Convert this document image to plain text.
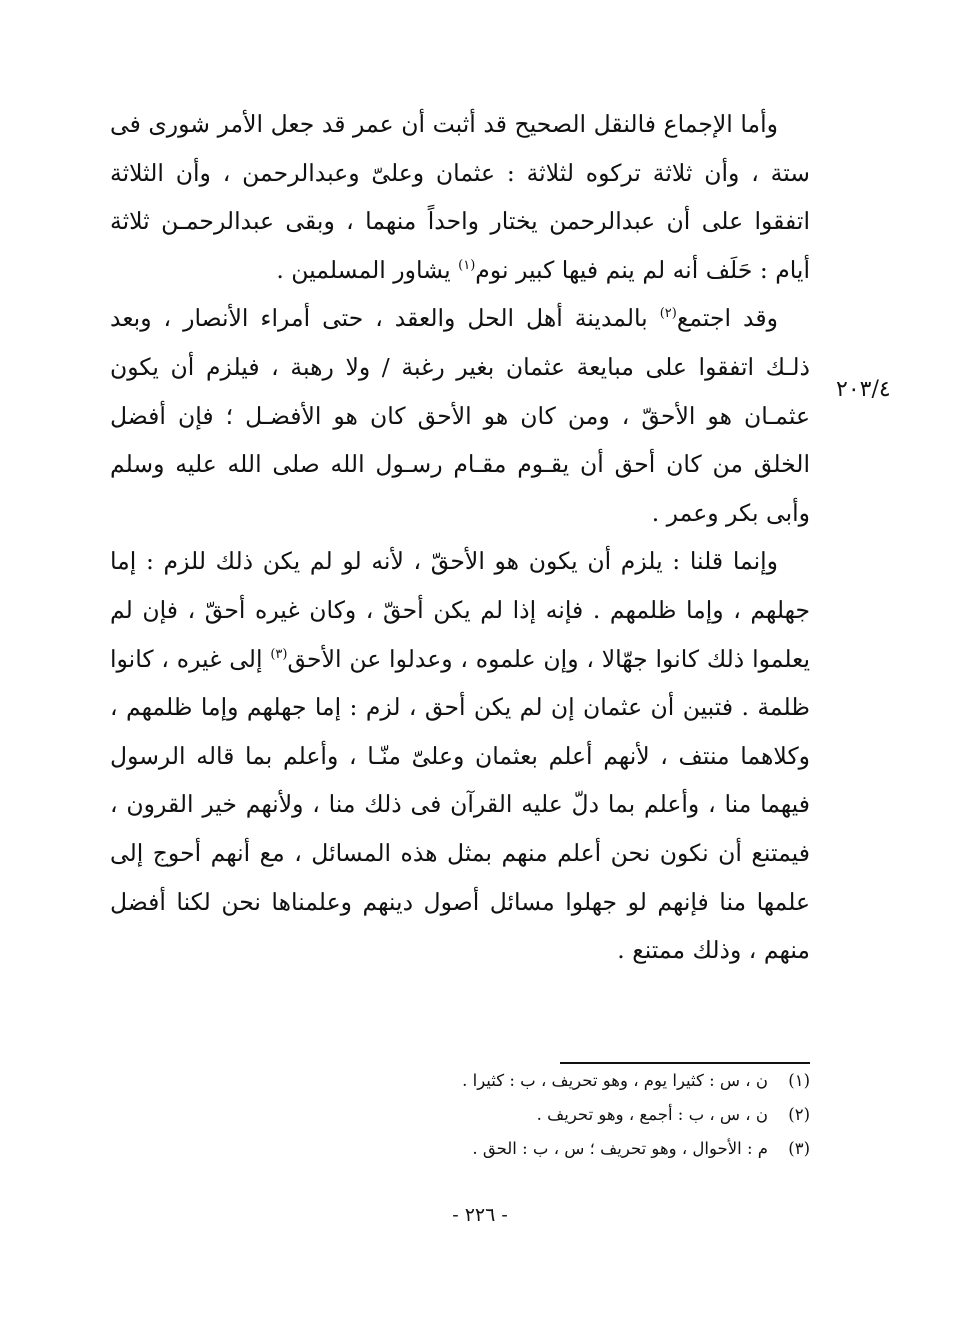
وأما الإجماع فالنقل الصحيح قد أثبت أن عمر قد جعل الأمر شورى فى ستة ، وأن ثلاثة تركوه لثلاثة : عثمان وعلىّ وعبدالرحمن ، وأن الثلاثة اتفقوا على أن عبدالرحمن يختار واحداً منهما ، وبقى عبدالرحمـن ثلاثة أيام : حَلَف أنه لم ينم فيها كبير نوم$^{(١)}$ يشاور المسلمين .

وقد اجتمع$^{(٢)}$ بالمدينة أهل الحل والعقد ، حتى أمراء الأنصار ، وبعد ذلـك اتفقوا على مبايعة عثمان بغير رغبة / ولا رهبة ، فيلزم أن يكون عثمـان هو الأحقّ ، ومن كان هو الأحق كان هو الأفضـل ؛ فإن أفضل الخلق من كان أحق أن يقـوم مقـام رسـول الله صلى الله عليه وسلم وأبى بكر وعمر .

وإنما قلنا : يلزم أن يكون هو الأحقّ ، لأنه لو لم يكن ذلك للزم : إما جهلهم ، وإما ظلمهم . فإنه إذا لم يكن أحقّ ، وكان غيره أحقّ ، فإن لم يعلموا ذلك كانوا جهّالا ، وإن علموه ، وعدلوا عن الأحق$^{(٣)}$ إلى غيره ، كانوا ظلمة . فتبين أن عثمان إن لم يكن أحق ، لزم : إما جهلهم وإما ظلمهم ، وكلاهما منتف ، لأنهم أعلم بعثمان وعلىّ منّـا ، وأعلم بما قاله الرسول فيهما منا ، وأعلم بما دلّ عليه القرآن فى ذلك منا ، ولأنهم خير القرون ، فيمتنع أن نكون نحن أعلم منهم بمثل هذه المسائل ، مع أنهم أحوج إلى علمها منا فإنهم لو جهلوا مسائل أصول دينهم وعلمناها نحن لكنا أفضل منهم ، وذلك ممتنع .

٢٠٣/٤
(١)ن ، س : كثيرا يوم ، وهو تحريف ، ب : كثيرا .
(٢)ن ، س ، ب : أجمع ، وهو تحريف .
(٣)م : الأحوال ، وهو تحريف ؛ س ، ب : الحق .
- ٢٢٦ -
